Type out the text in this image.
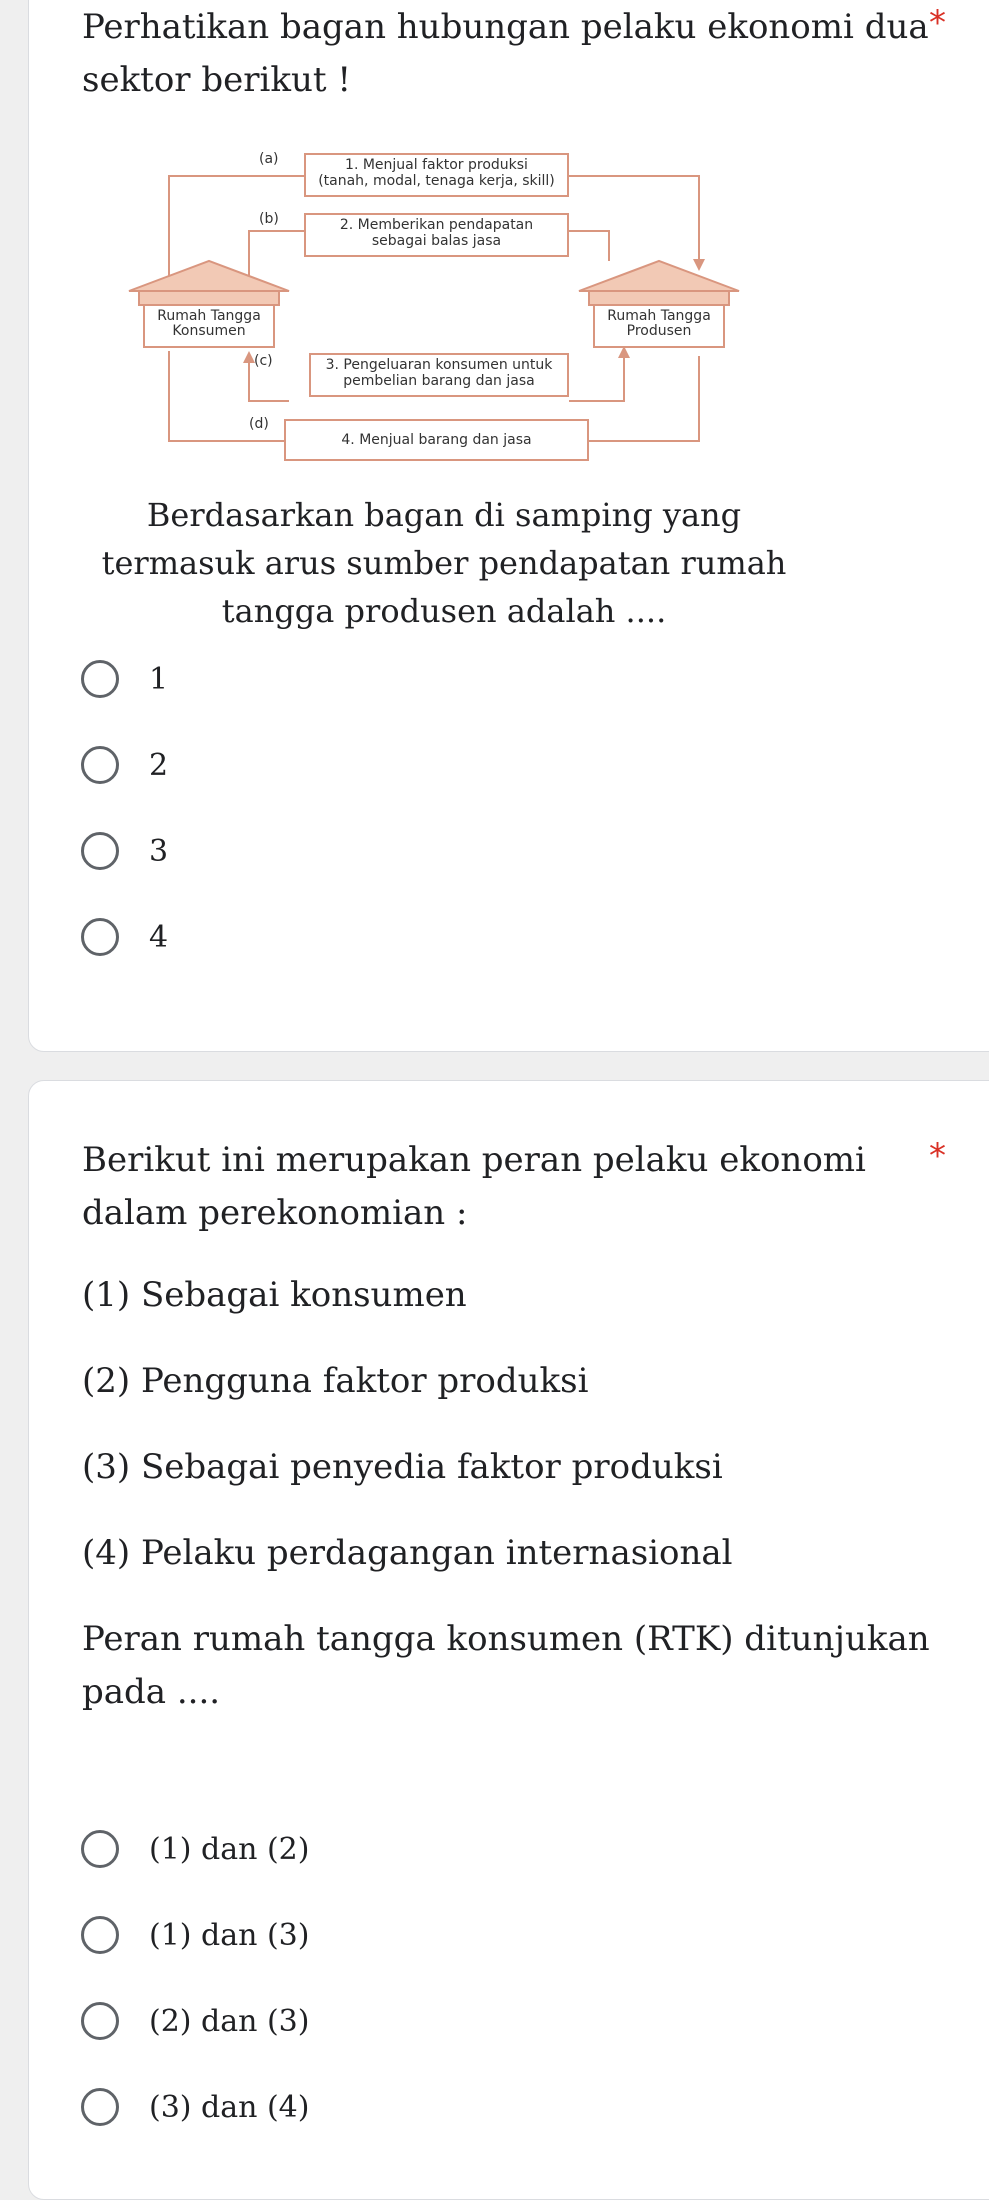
Perhatikan bagan hubungan pelaku ekonomi dua sektor berikut !
*
(a)
(b)
(c)
(d)
1. Menjual faktor produksi
(tanah, modal, tenaga kerja, skill)
2. Memberikan pendapatan
sebagai balas jasa
3. Pengeluaran konsumen untuk
pembelian barang dan jasa
4. Menjual barang dan jasa
Rumah Tangga
Konsumen
Rumah Tangga
Produsen

Berdasarkan bagan di samping yang termasuk arus sumber pendapatan rumah tangga produsen adalah ....

1
2
3
4
Berikut ini merupakan peran pelaku ekonomi dalam perekonomian :
*

(1) Sebagai konsumen

(2) Pengguna faktor produksi

(3) Sebagai penyedia faktor produksi

(4) Pelaku perdagangan internasional

Peran rumah tangga konsumen (RTK) ditunjukan pada ....

(1) dan (2)
(1) dan (3)
(2) dan (3)
(3) dan (4)
